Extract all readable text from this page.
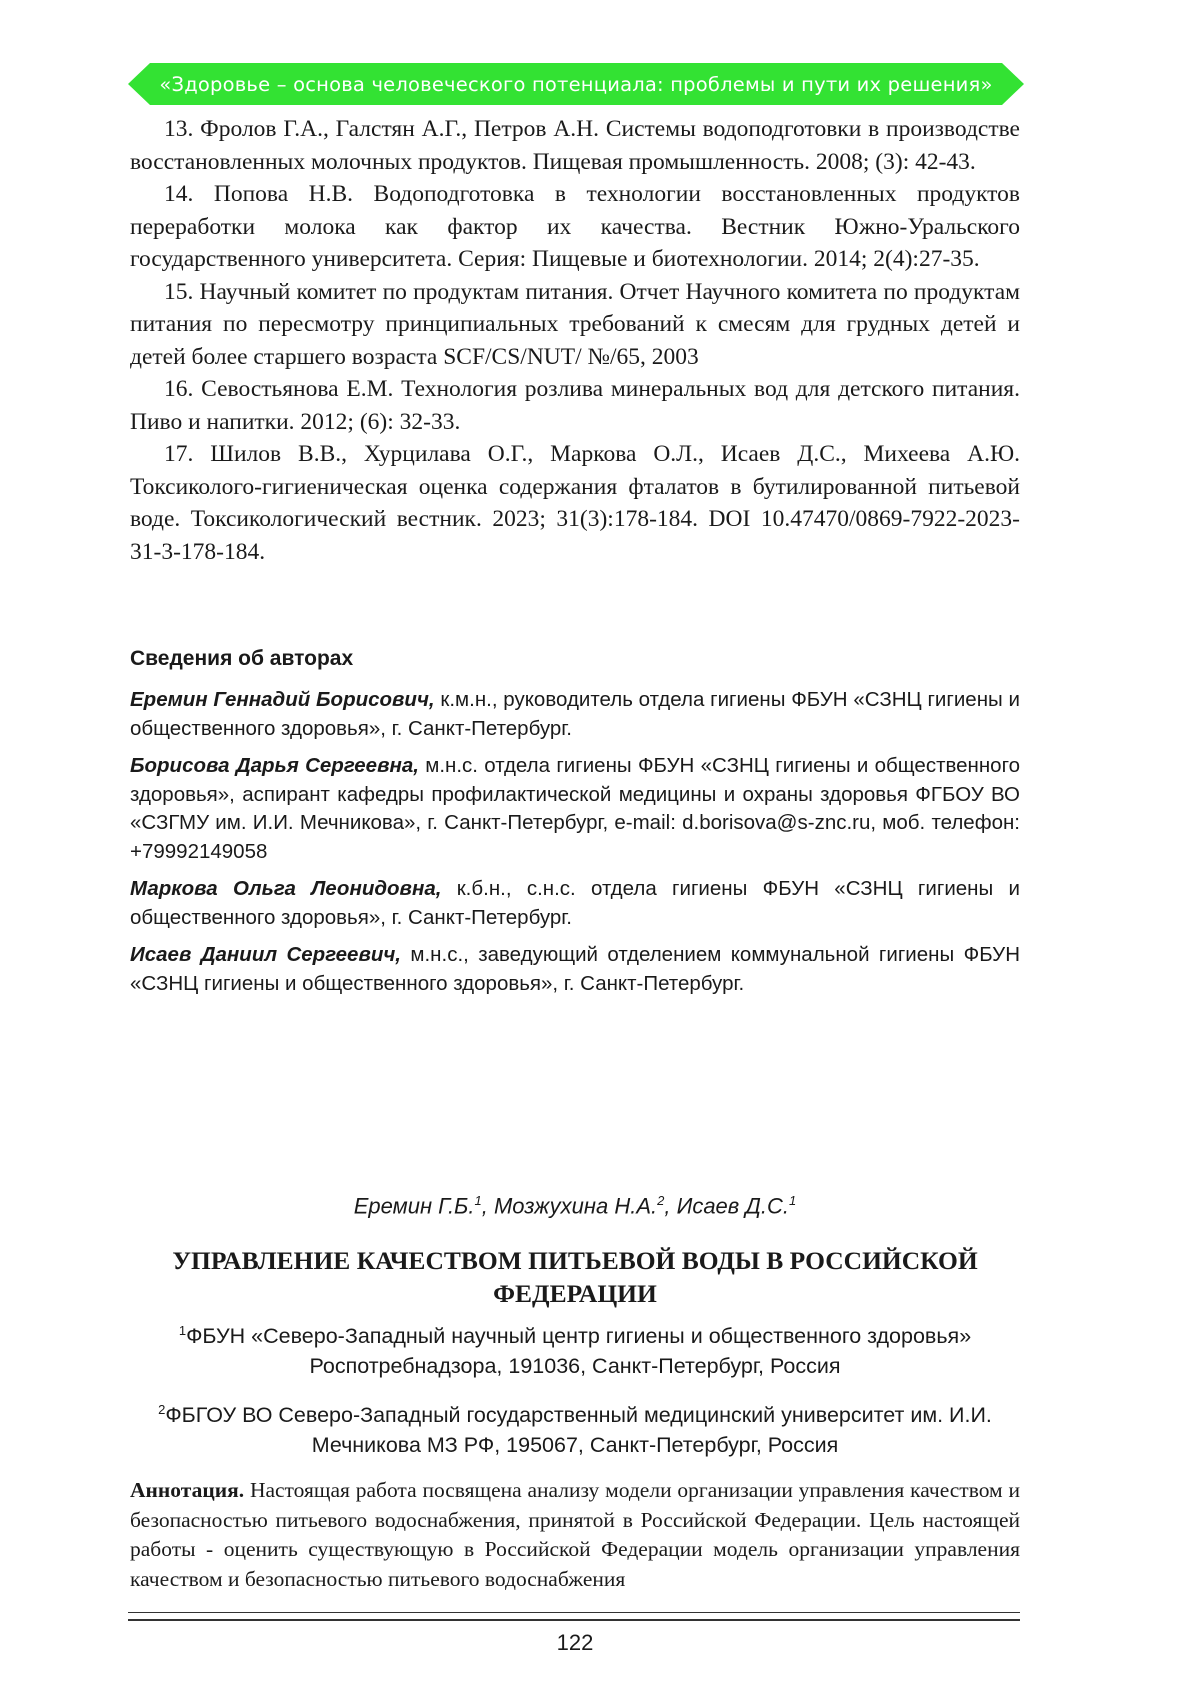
«Здоровье – основа человеческого потенциала: проблемы и пути их решения»

13. Фролов Г.А., Галстян А.Г., Петров А.Н. Системы водоподготовки в производстве восстановленных молочных продуктов. Пищевая промышленность. 2008; (3): 42-43.

14. Попова Н.В. Водоподготовка в технологии восстановленных продуктов переработки молока как фактор их качества. Вестник Южно-Уральского государственного университета. Серия: Пищевые и биотехнологии. 2014; 2(4):27-35.

15. Научный комитет по продуктам питания. Отчет Научного комитета по продуктам питания по пересмотру принципиальных требований к смесям для грудных детей и детей более старшего возраста SCF/CS/NUT/ №/65, 2003

16. Севостьянова Е.М. Технология розлива минеральных вод для детского питания. Пиво и напитки. 2012; (6): 32-33.

17. Шилов В.В., Хурцилава О.Г., Маркова О.Л., Исаев Д.С., Михеева А.Ю. Токсиколого-гигиеническая оценка содержания фталатов в бутилированной питьевой воде. Токсикологический вестник. 2023; 31(3):178-184. DOI 10.47470/0869-7922-2023-31-3-178-184.

Сведения об авторах

Еремин Геннадий Борисович, к.м.н., руководитель отдела гигиены ФБУН «СЗНЦ гигиены и общественного здоровья», г. Санкт-Петербург.

Борисова Дарья Сергеевна, м.н.с. отдела гигиены ФБУН «СЗНЦ гигиены и общественного здоровья», аспирант кафедры профилактической медицины и охраны здоровья ФГБОУ ВО «СЗГМУ им. И.И. Мечникова», г. Санкт-Петербург, e-mail: d.borisova@s-znc.ru, моб. телефон: +79992149058

Маркова Ольга Леонидовна, к.б.н., с.н.с. отдела гигиены ФБУН «СЗНЦ гигиены и общественного здоровья», г. Санкт-Петербург.

Исаев Даниил Сергеевич, м.н.с., заведующий отделением коммунальной гигиены ФБУН «СЗНЦ гигиены и общественного здоровья», г. Санкт-Петербург.

Еремин Г.Б.1, Мозжухина Н.А.2, Исаев Д.С.1
УПРАВЛЕНИЕ КАЧЕСТВОМ ПИТЬЕВОЙ ВОДЫ В РОССИЙСКОЙ ФЕДЕРАЦИИ
1ФБУН «Северо-Западный научный центр гигиены и общественного здоровья» Роспотребнадзора, 191036, Санкт-Петербург, Россия
2ФБГОУ ВО Северо-Западный государственный медицинский университет им. И.И. Мечникова МЗ РФ, 195067, Санкт-Петербург, Россия
Аннотация. Настоящая работа посвящена анализу модели организации управления качеством и безопасностью питьевого водоснабжения, принятой в Российской Федерации. Цель настоящей работы - оценить существующую в Российской Федерации модель организации управления качеством и безопасностью питьевого водоснабжения
122
